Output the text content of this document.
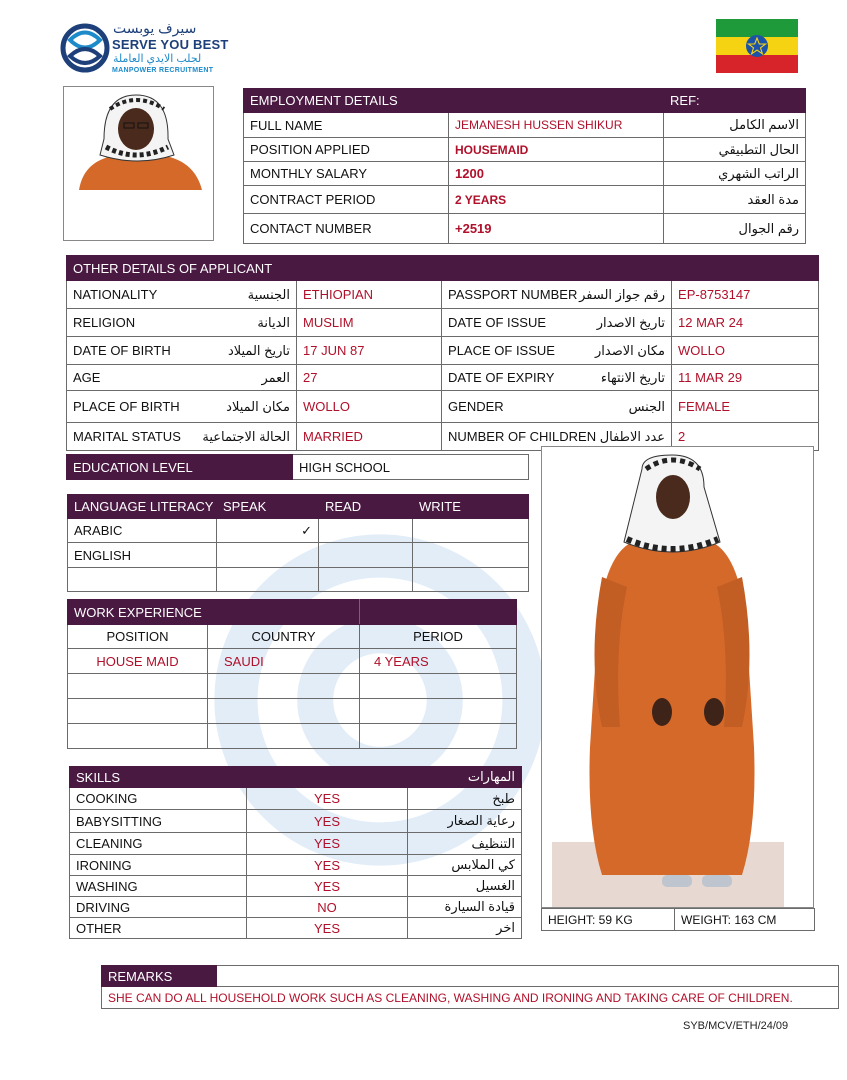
سيرف يوبست
SERVE YOU BEST
لجلب الايدي العاملة
MANPOWER RECRUITMENT
EMPLOYMENT DETAILS		REF:
FULL NAME	JEMANESH HUSSEN SHIKUR	الاسم الكامل
POSITION APPLIED	HOUSEMAID	الحال التطبيقي
MONTHLY SALARY	1200	الراتب الشهري
CONTRACT PERIOD	2 YEARS	مدة العقد
CONTACT NUMBER	+2519	رقم الجوال
OTHER DETAILS OF APPLICANT					
NATIONALITY	الجنسية	ETHIOPIAN	PASSPORT NUMBER	رقم جواز السفر	EP-8753147
RELIGION	الديانة	MUSLIM	DATE OF ISSUE	تاريخ الاصدار	12 MAR 24
DATE OF BIRTH	تاريخ الميلاد	17 JUN 87	PLACE OF ISSUE	مكان الاصدار	WOLLO
AGE	العمر	27	DATE OF EXPIRY	تاريخ الانتهاء	11 MAR 29
PLACE OF BIRTH	مكان الميلاد	WOLLO	GENDER	الجنس	FEMALE
MARITAL STATUS	الحالة الاجتماعية	MARRIED	NUMBER OF CHILDREN	عدد الاطفال	2
EDUCATION LEVEL	HIGH SCHOOL
LANGUAGE LITERACY	SPEAK	READ	WRITE
ARABIC	✓		
ENGLISH			

WORK EXPERIENCE		
POSITION	COUNTRY	PERIOD
HOUSE MAID	SAUDI	4 YEARS

SKILLS		المهارات
COOKING	YES	طبخ
BABYSITTING	YES	رعاية الصغار
CLEANING	YES	التنظيف
IRONING	YES	كي الملابس
WASHING	YES	الغسيل
DRIVING	NO	قيادة السيارة
OTHER	YES	اخر
HEIGHT: 59 KG	WEIGHT: 163 CM
REMARKS	
SHE CAN DO ALL HOUSEHOLD WORK SUCH AS CLEANING, WASHING AND IRONING AND TAKING CARE OF CHILDREN.
SYB/MCV/ETH/24/09
